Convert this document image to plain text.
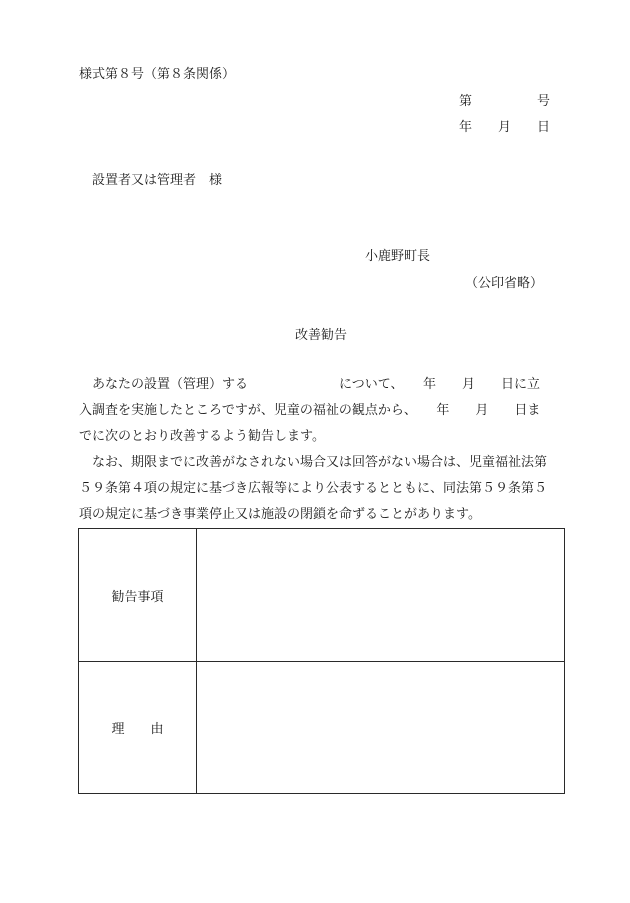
様式第８号（第８条関係）
第　　　　　号
年　　月　　日
設置者又は管理者　様
小鹿野町長
（公印省略）
改善勧告
　あなたの設置（管理）する　　　　　　　について、　　年　　月　　日に立
入調査を実施したところですが、児童の福祉の観点から、　　年　　月　　日ま
でに次のとおり改善するよう勧告します。
　なお、期限までに改善がなされない場合又は回答がない場合は、児童福祉法第
５９条第４項の規定に基づき広報等により公表するとともに、同法第５９条第５
項の規定に基づき事業停止又は施設の閉鎖を命ずることがあります。
勧告事項	
理　　由	
